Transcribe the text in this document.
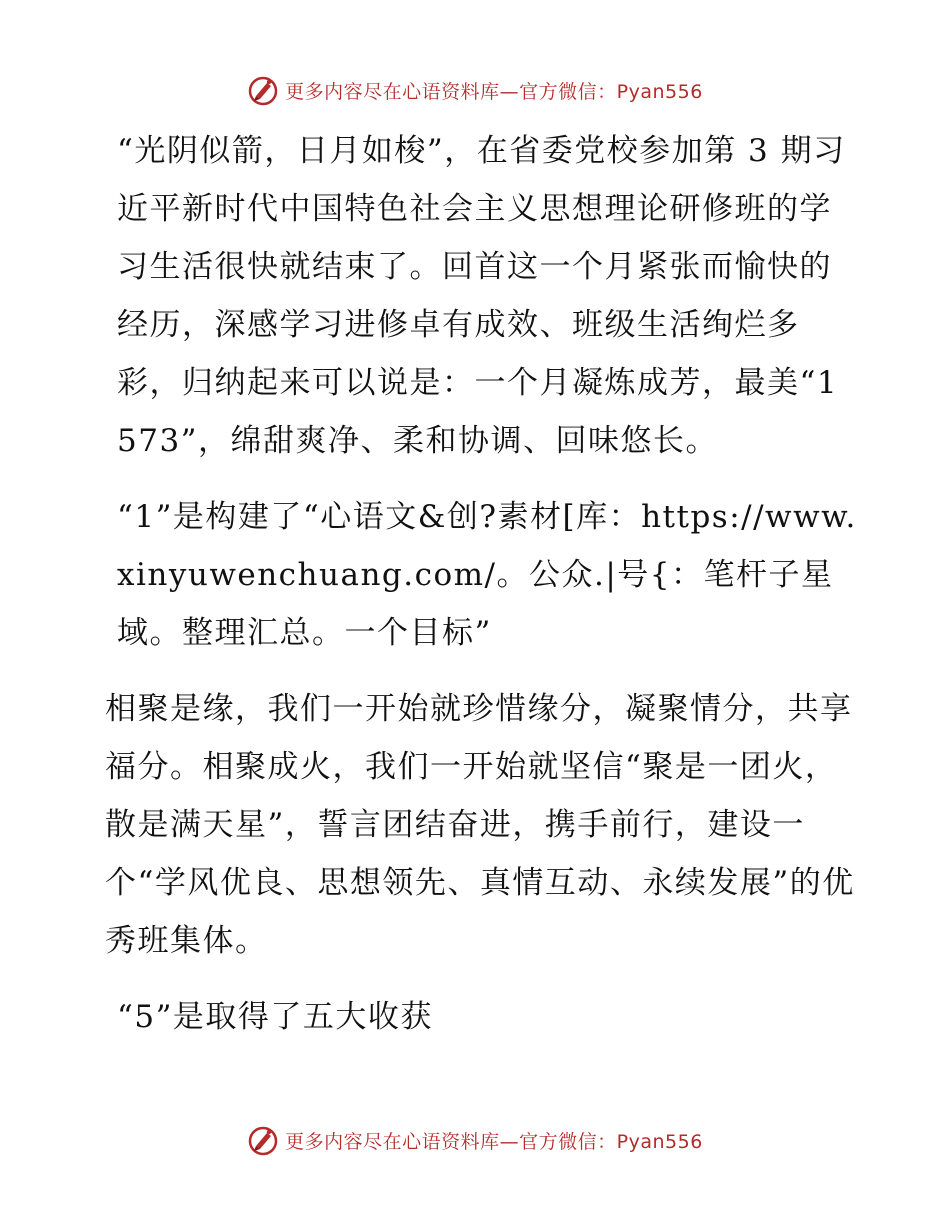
更多内容尽在心语资料库—官方微信：Pyan556

“光阴似箭，日月如梭”，在省委党校参加第 3 期习近平新时代中国特色社会主义思想理论研修班的学习生活很快就结束了。回首这一个月紧张而愉快的经历，深感学习进修卓有成效、班级生活绚烂多彩，归纳起来可以说是：一个月凝炼成芳，最美“1573”，绵甜爽净、柔和协调、回味悠长。

“1”是构建了“心语文&创?素材[库：https://www.xinyuwenchuang.com/。公众.|号{：笔杆子星域。整理汇总。一个目标”

相聚是缘，我们一开始就珍惜缘分，凝聚情分，共享福分。相聚成火，我们一开始就坚信“聚是一团火，散是满天星”，誓言团结奋进，携手前行，建设一个“学风优良、思想领先、真情互动、永续发展”的优秀班集体。

“5”是取得了五大收获

更多内容尽在心语资料库—官方微信：Pyan556
